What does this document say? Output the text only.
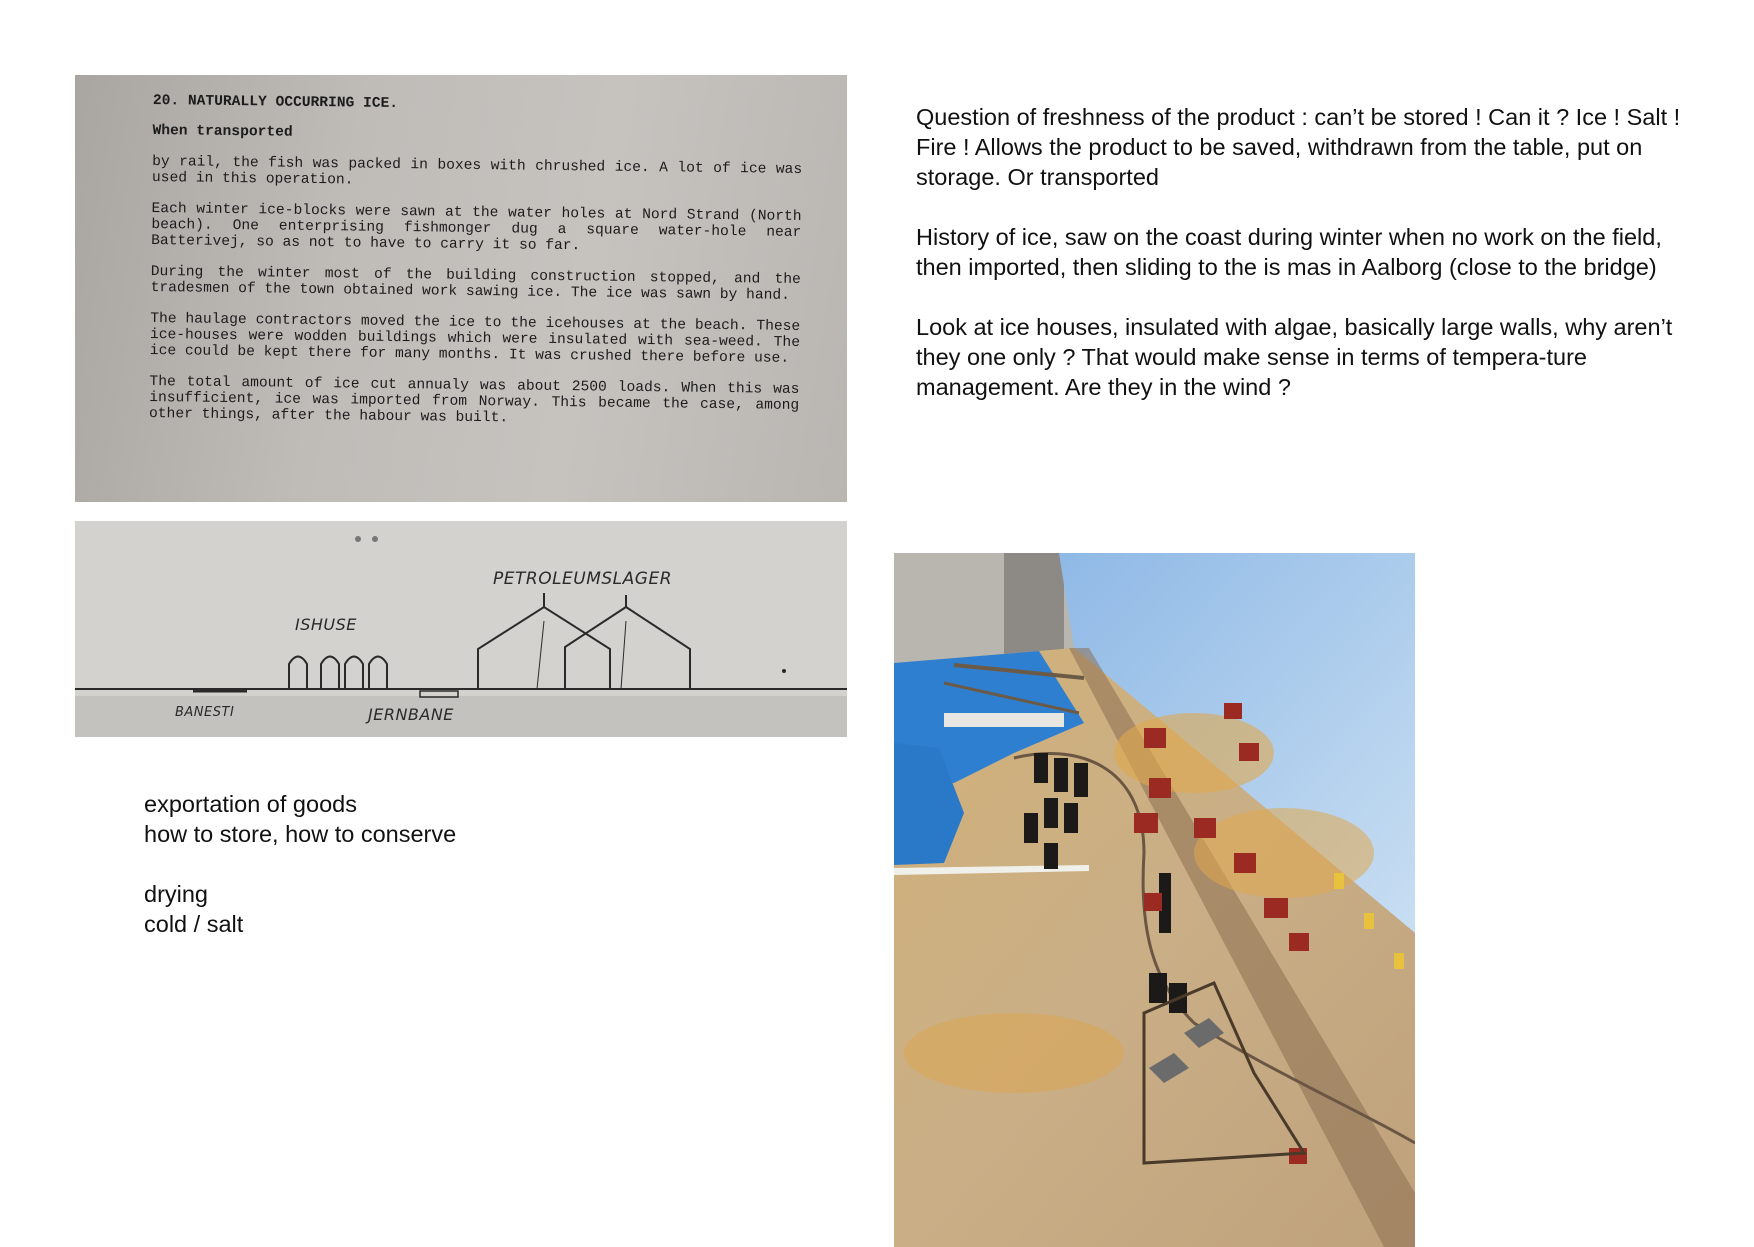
20. NATURALLY OCCURRING ICE.
When transported

by rail, the fish was packed in boxes with chrushed ice. A lot of ice was used in this operation.

Each winter ice-blocks were sawn at the water holes at Nord Strand (North beach). One enterprising fishmonger dug a square water-hole near Batterivej, so as not to have to carry it so far.

During the winter most of the building construction stopped, and the tradesmen of the town obtained work sawing ice. The ice was sawn by hand.

The haulage contractors moved the ice to the icehouses at the beach. These ice-houses were wodden buildings which were insulated with sea-weed. The ice could be kept there for many months. It was crushed there before use.

The total amount of ice cut annualy was about 2500 loads. When this was insufficient, ice was imported from Norway. This became the case, among other things, after the habour was built.

PETROLEUMSLAGER
ISHUSE
BANESTI	JERNBANE

Question of freshness of the product : can’t be stored ! Can it ? Ice ! Salt ! Fire ! Allows the product to be saved, withdrawn from the table, put on storage. Or transported

History of ice, saw on the coast during winter when no work on the field, then imported, then sliding to the is mas in Aalborg (close to the bridge)

Look at ice houses, insulated with algae, basically large walls, why aren’t they one only ? That would make sense in terms of tempera-ture management. Are they in the wind ?

exportation of goods
how to store, how to conserve
drying
cold / salt
